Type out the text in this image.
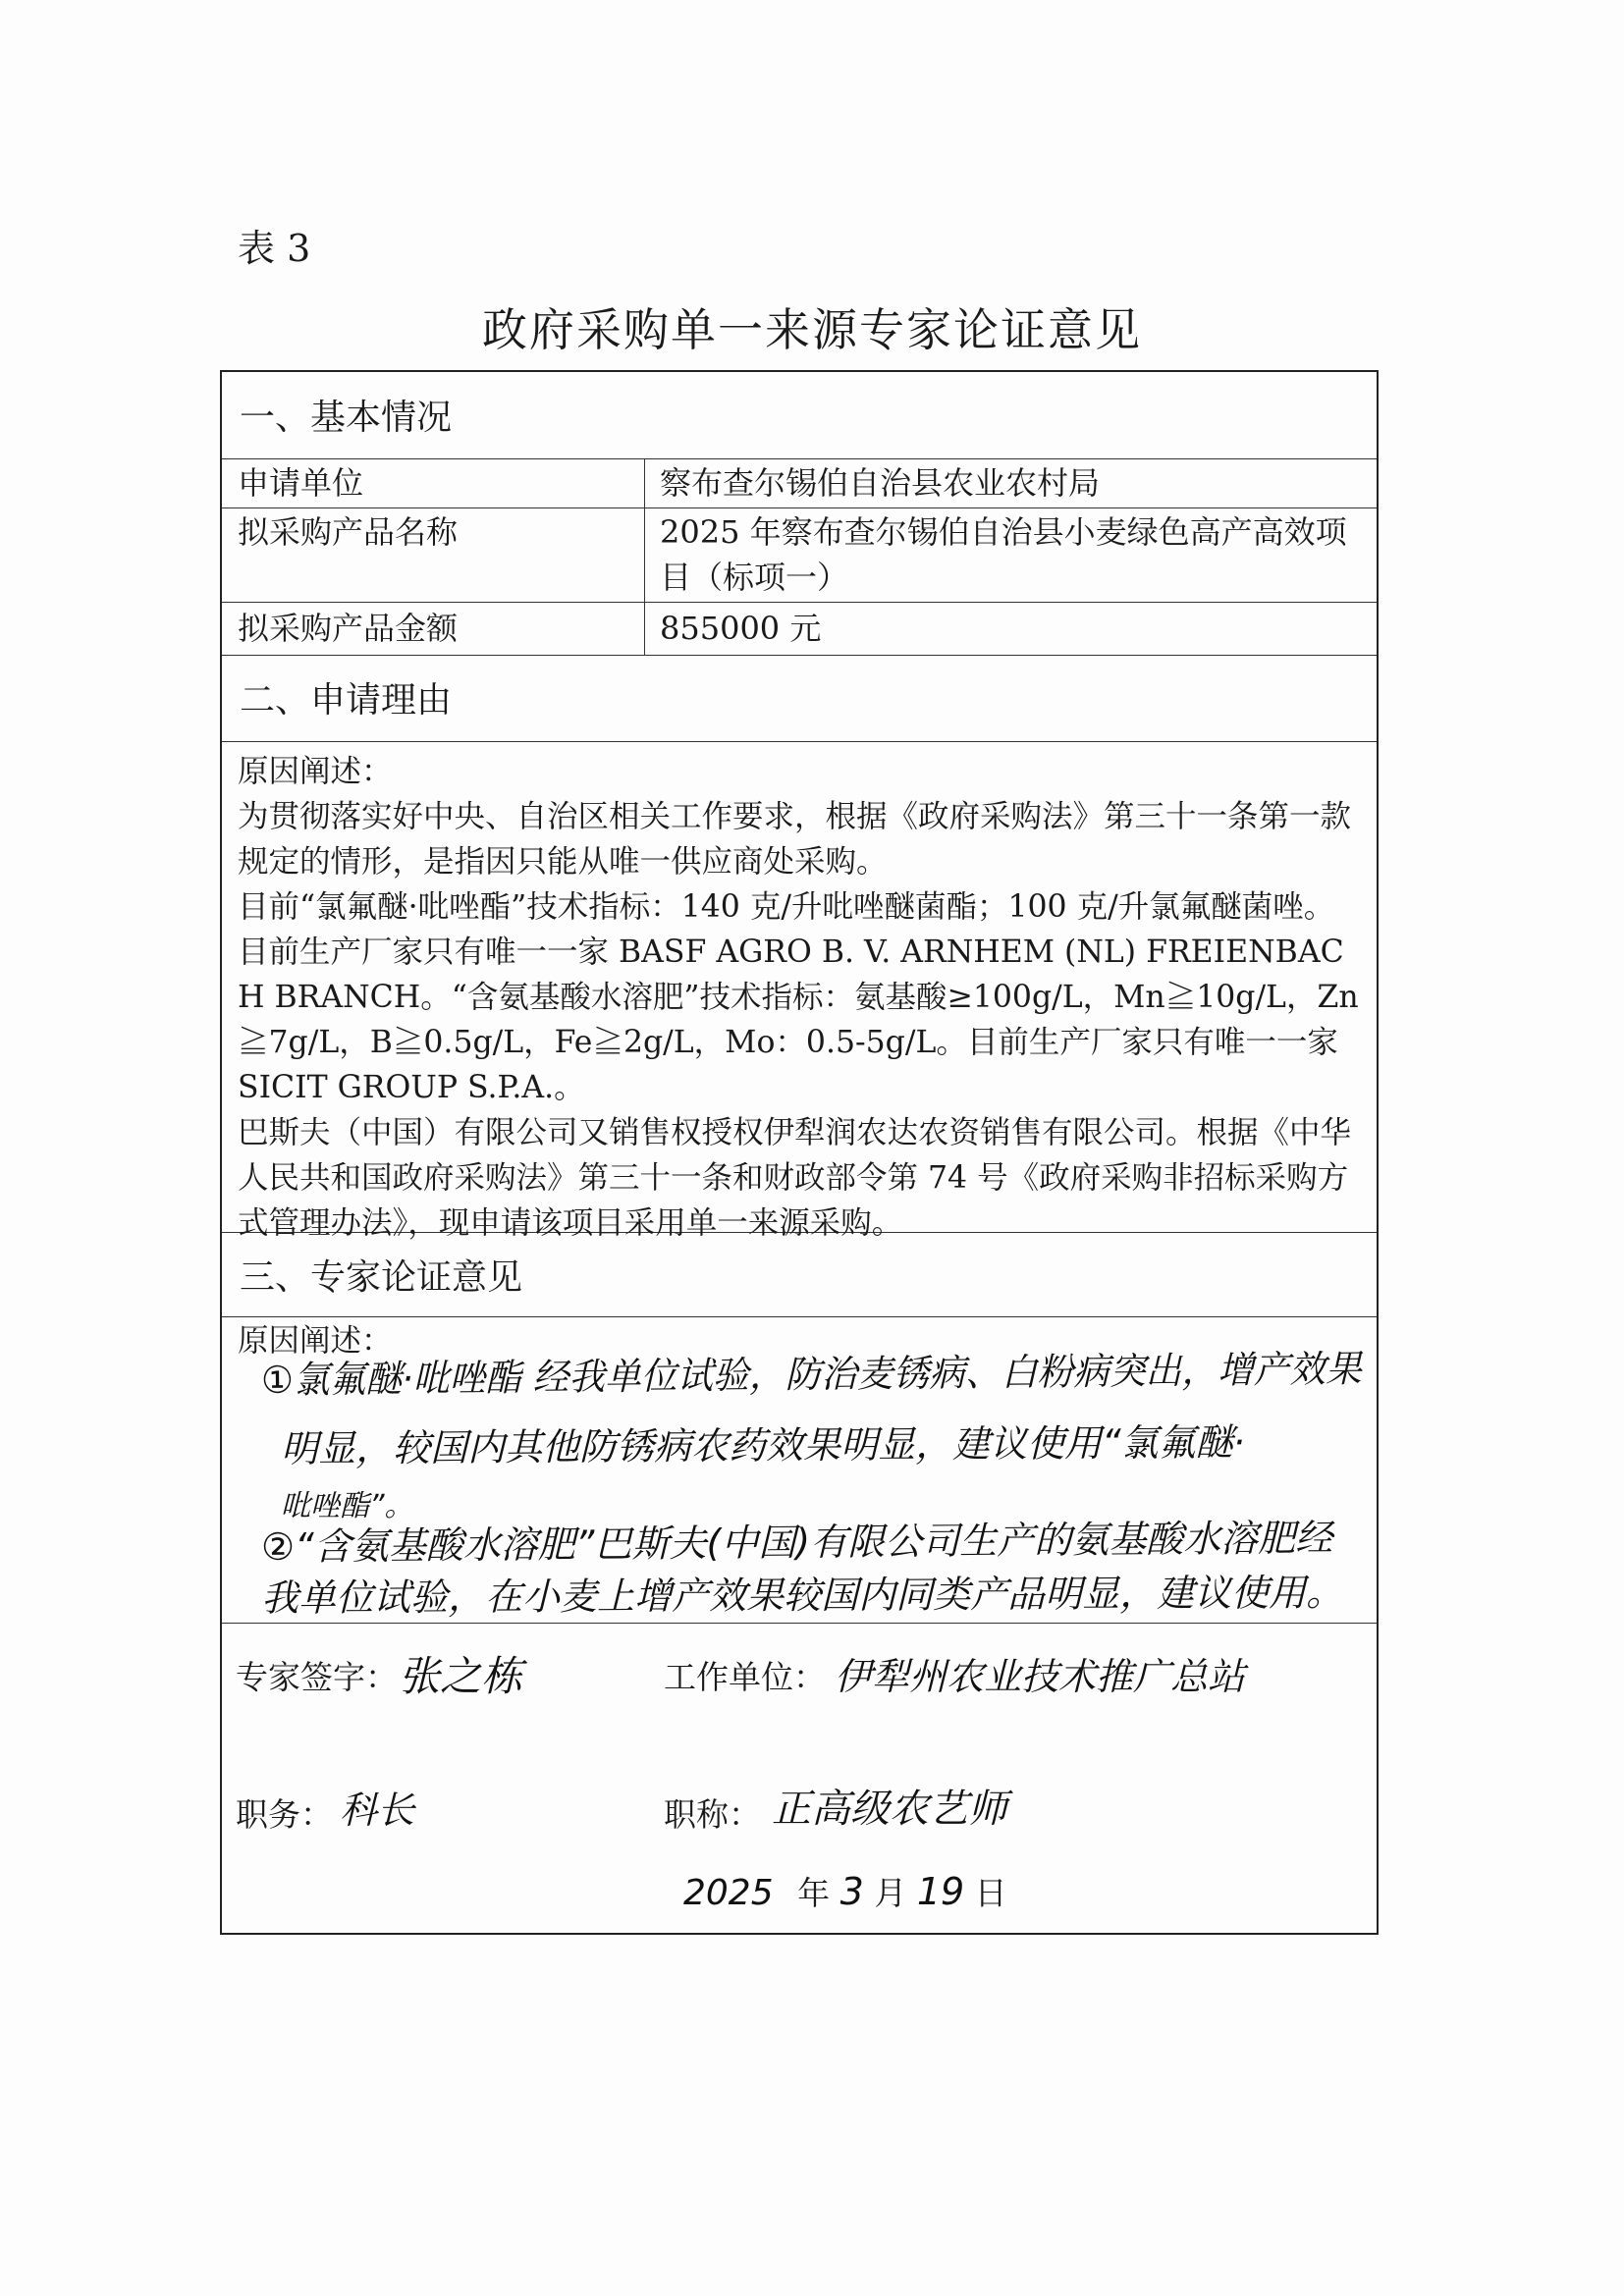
表 3
政府采购单一来源专家论证意见
一、基本情况
申请单位	察布查尔锡伯自治县农业农村局
拟采购产品名称	2025 年察布查尔锡伯自治县小麦绿色高产高效项目（标项一）
拟采购产品金额	855000 元
二、申请理由
原因阐述：
为贯彻落实好中央、自治区相关工作要求，根据《政府采购法》第三十一条第一款规定的情形，是指因只能从唯一供应商处采购。
目前“氯氟醚·吡唑酯”技术指标：140 克/升吡唑醚菌酯；100 克/升氯氟醚菌唑。目前生产厂家只有唯一一家 BASF AGRO B. V. ARNHEM (NL) FREIENBACH BRANCH。“含氨基酸水溶肥”技术指标：氨基酸≥100g/L，Mn≧10g/L，Zn≧7g/L，B≧0.5g/L，Fe≧2g/L，Mo：0.5-5g/L。目前生产厂家只有唯一一家 SICIT GROUP S.P.A.。
巴斯夫（中国）有限公司又销售权授权伊犁润农达农资销售有限公司。根据《中华人民共和国政府采购法》第三十一条和财政部令第 74 号《政府采购非招标采购方式管理办法》，现申请该项目采用单一来源采购。
三、专家论证意见
原因阐述：
①氯氟醚·吡唑酯 经我单位试验，防治麦锈病、白粉病突出，增产效果
明显，较国内其他防锈病农药效果明显，建议使用“氯氟醚·
吡唑酯”。
②“含氨基酸水溶肥”巴斯夫(中国)有限公司生产的氨基酸水溶肥经
我单位试验，在小麦上增产效果较国内同类产品明显，建议使用。
专家签字： 张之栋	工作单位： 伊犁州农业技术推广总站
职务： 科长	职称： 正高级农艺师
2025 年 3 月 19 日
